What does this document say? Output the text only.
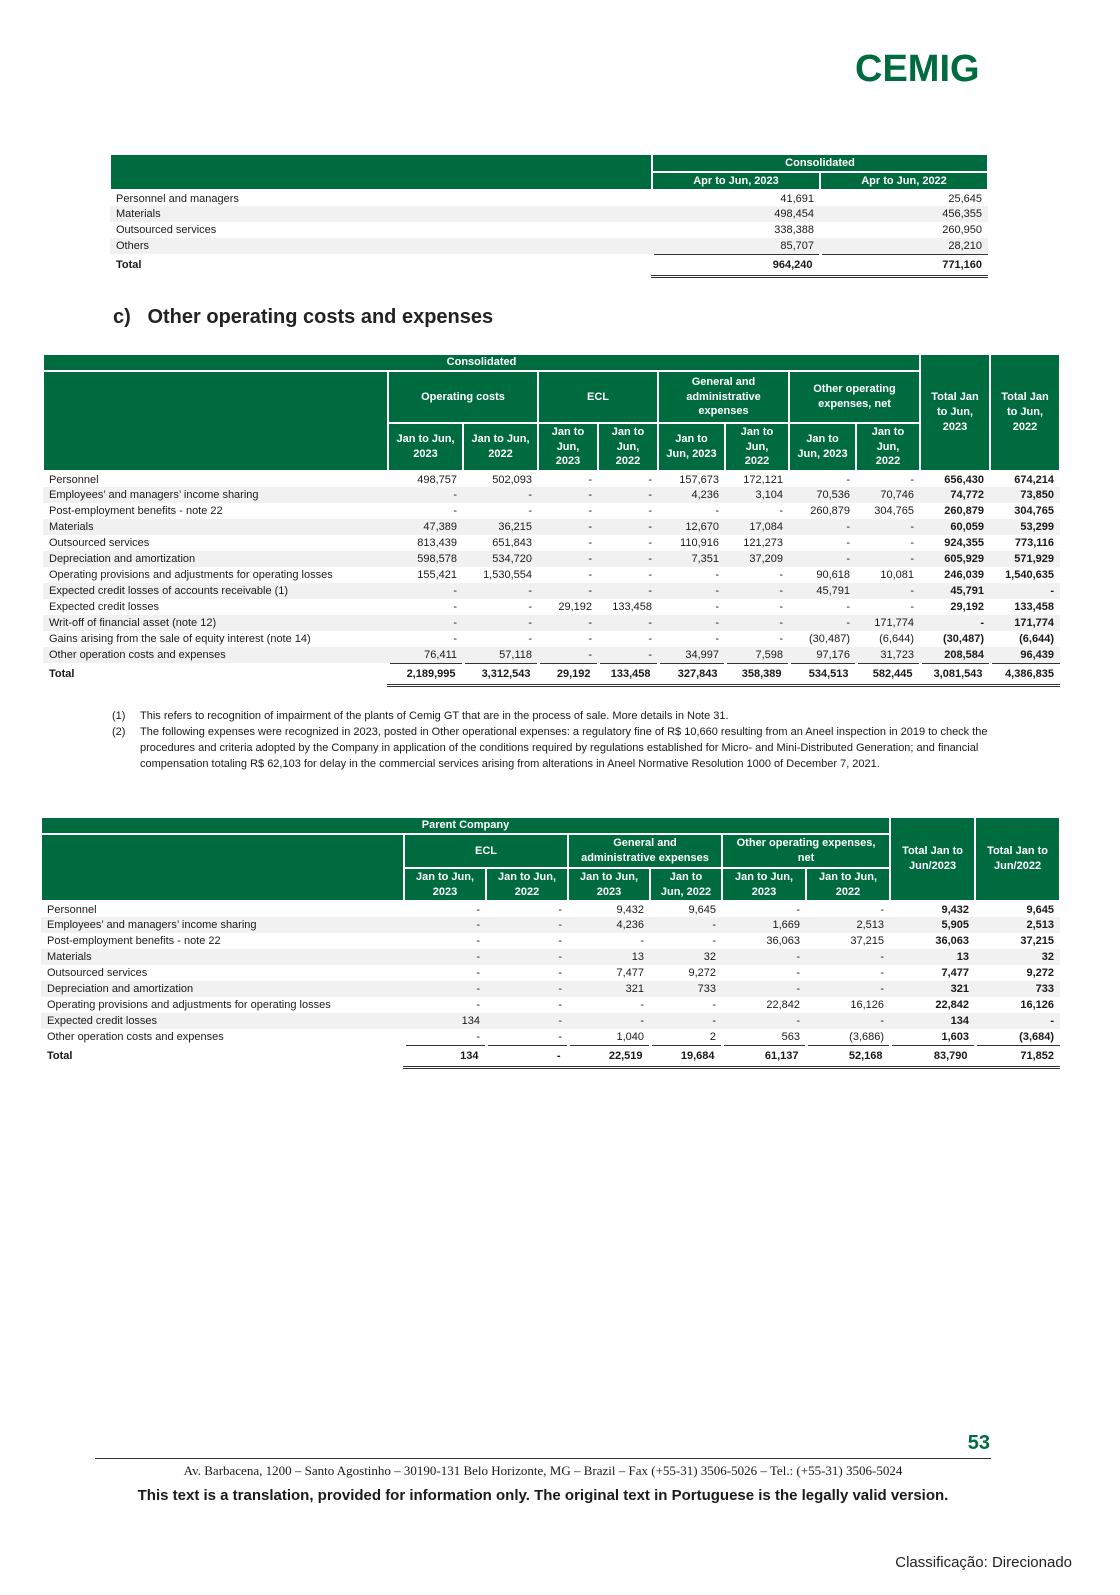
CEMIG
	Consolidated	
	Apr to Jun, 2023	Apr to Jun, 2022
Personnel and managers	41,691	25,645
Materials	498,454	456,355
Outsourced services	338,388	260,950
Others	85,707	28,210
Total	964,240	771,160
c) Other operating costs and expenses
Consolidated									Total Jan to Jun, 2023	Total Jan to Jun, 2022
	Operating costs		ECL		General and administrative expenses		Other operating expenses, net			
	Jan to Jun, 2023	Jan to Jun, 2022	Jan to Jun, 2023	Jan to Jun, 2022	Jan to Jun, 2023	Jan to Jun, 2022	Jan to Jun, 2023	Jan to Jun, 2022		
Personnel	498,757	502,093	-	-	157,673	172,121	-	-	656,430	674,214
Employees’ and managers’ income sharing	-	-	-	-	4,236	3,104	70,536	70,746	74,772	73,850
Post-employment benefits - note 22	-	-	-	-	-	-	260,879	304,765	260,879	304,765
Materials	47,389	36,215	-	-	12,670	17,084	-	-	60,059	53,299
Outsourced services	813,439	651,843	-	-	110,916	121,273	-	-	924,355	773,116
Depreciation and amortization	598,578	534,720	-	-	7,351	37,209	-	-	605,929	571,929
Operating provisions and adjustments for operating losses	155,421	1,530,554	-	-	-	-	90,618	10,081	246,039	1,540,635
Expected credit losses of accounts receivable (1)	-	-	-	-	-	-	45,791	-	45,791	-
Expected credit losses	-	-	29,192	133,458	-	-	-	-	29,192	133,458
Writ-off of financial asset (note 12)	-	-	-	-	-	-	-	171,774	-	171,774
Gains arising from the sale of equity interest (note 14)	-	-	-	-	-	-	(30,487)	(6,644)	(30,487)	(6,644)
Other operation costs and expenses	76,411	57,118	-	-	34,997	7,598	97,176	31,723	208,584	96,439
Total	2,189,995	3,312,543	29,192	133,458	327,843	358,389	534,513	582,445	3,081,543	4,386,835
(1)	This refers to recognition of impairment of the plants of Cemig GT that are in the process of sale. More details in Note 31.
(2)	The following expenses were recognized in 2023, posted in Other operational expenses: a regulatory fine of R$ 10,660 resulting from an Aneel inspection in 2019 to check the procedures and criteria adopted by the Company in application of the conditions required by regulations established for Micro- and Mini-Distributed Generation; and financial compensation totaling R$ 62,103 for delay in the commercial services arising from alterations in Aneel Normative Resolution 1000 of December 7, 2021.
Parent Company							Total Jan to Jun/2023	Total Jan to Jun/2022
	ECL		General and administrative expenses		Other operating expenses, net			
	Jan to Jun, 2023	Jan to Jun, 2022	Jan to Jun, 2023	Jan to Jun, 2022	Jan to Jun, 2023	Jan to Jun, 2022		
Personnel	-	-	9,432	9,645	-	-	9,432	9,645
Employees’ and managers’ income sharing	-	-	4,236	-	1,669	2,513	5,905	2,513
Post-employment benefits - note 22	-	-	-	-	36,063	37,215	36,063	37,215
Materials	-	-	13	32	-	-	13	32
Outsourced services	-	-	7,477	9,272	-	-	7,477	9,272
Depreciation and amortization	-	-	321	733	-	-	321	733
Operating provisions and adjustments for operating losses	-	-	-	-	22,842	16,126	22,842	16,126
Expected credit losses	134	-	-	-	-	-	134	-
Other operation costs and expenses	-	-	1,040	2	563	(3,686)	1,603	(3,684)
Total	134	-	22,519	19,684	61,137	52,168	83,790	71,852
53
Av. Barbacena, 1200 – Santo Agostinho – 30190-131 Belo Horizonte, MG – Brazil – Fax (+55-31) 3506-5026 – Tel.: (+55-31) 3506-5024
This text is a translation, provided for information only. The original text in Portuguese is the legally valid version.
Classificação: Direcionado
